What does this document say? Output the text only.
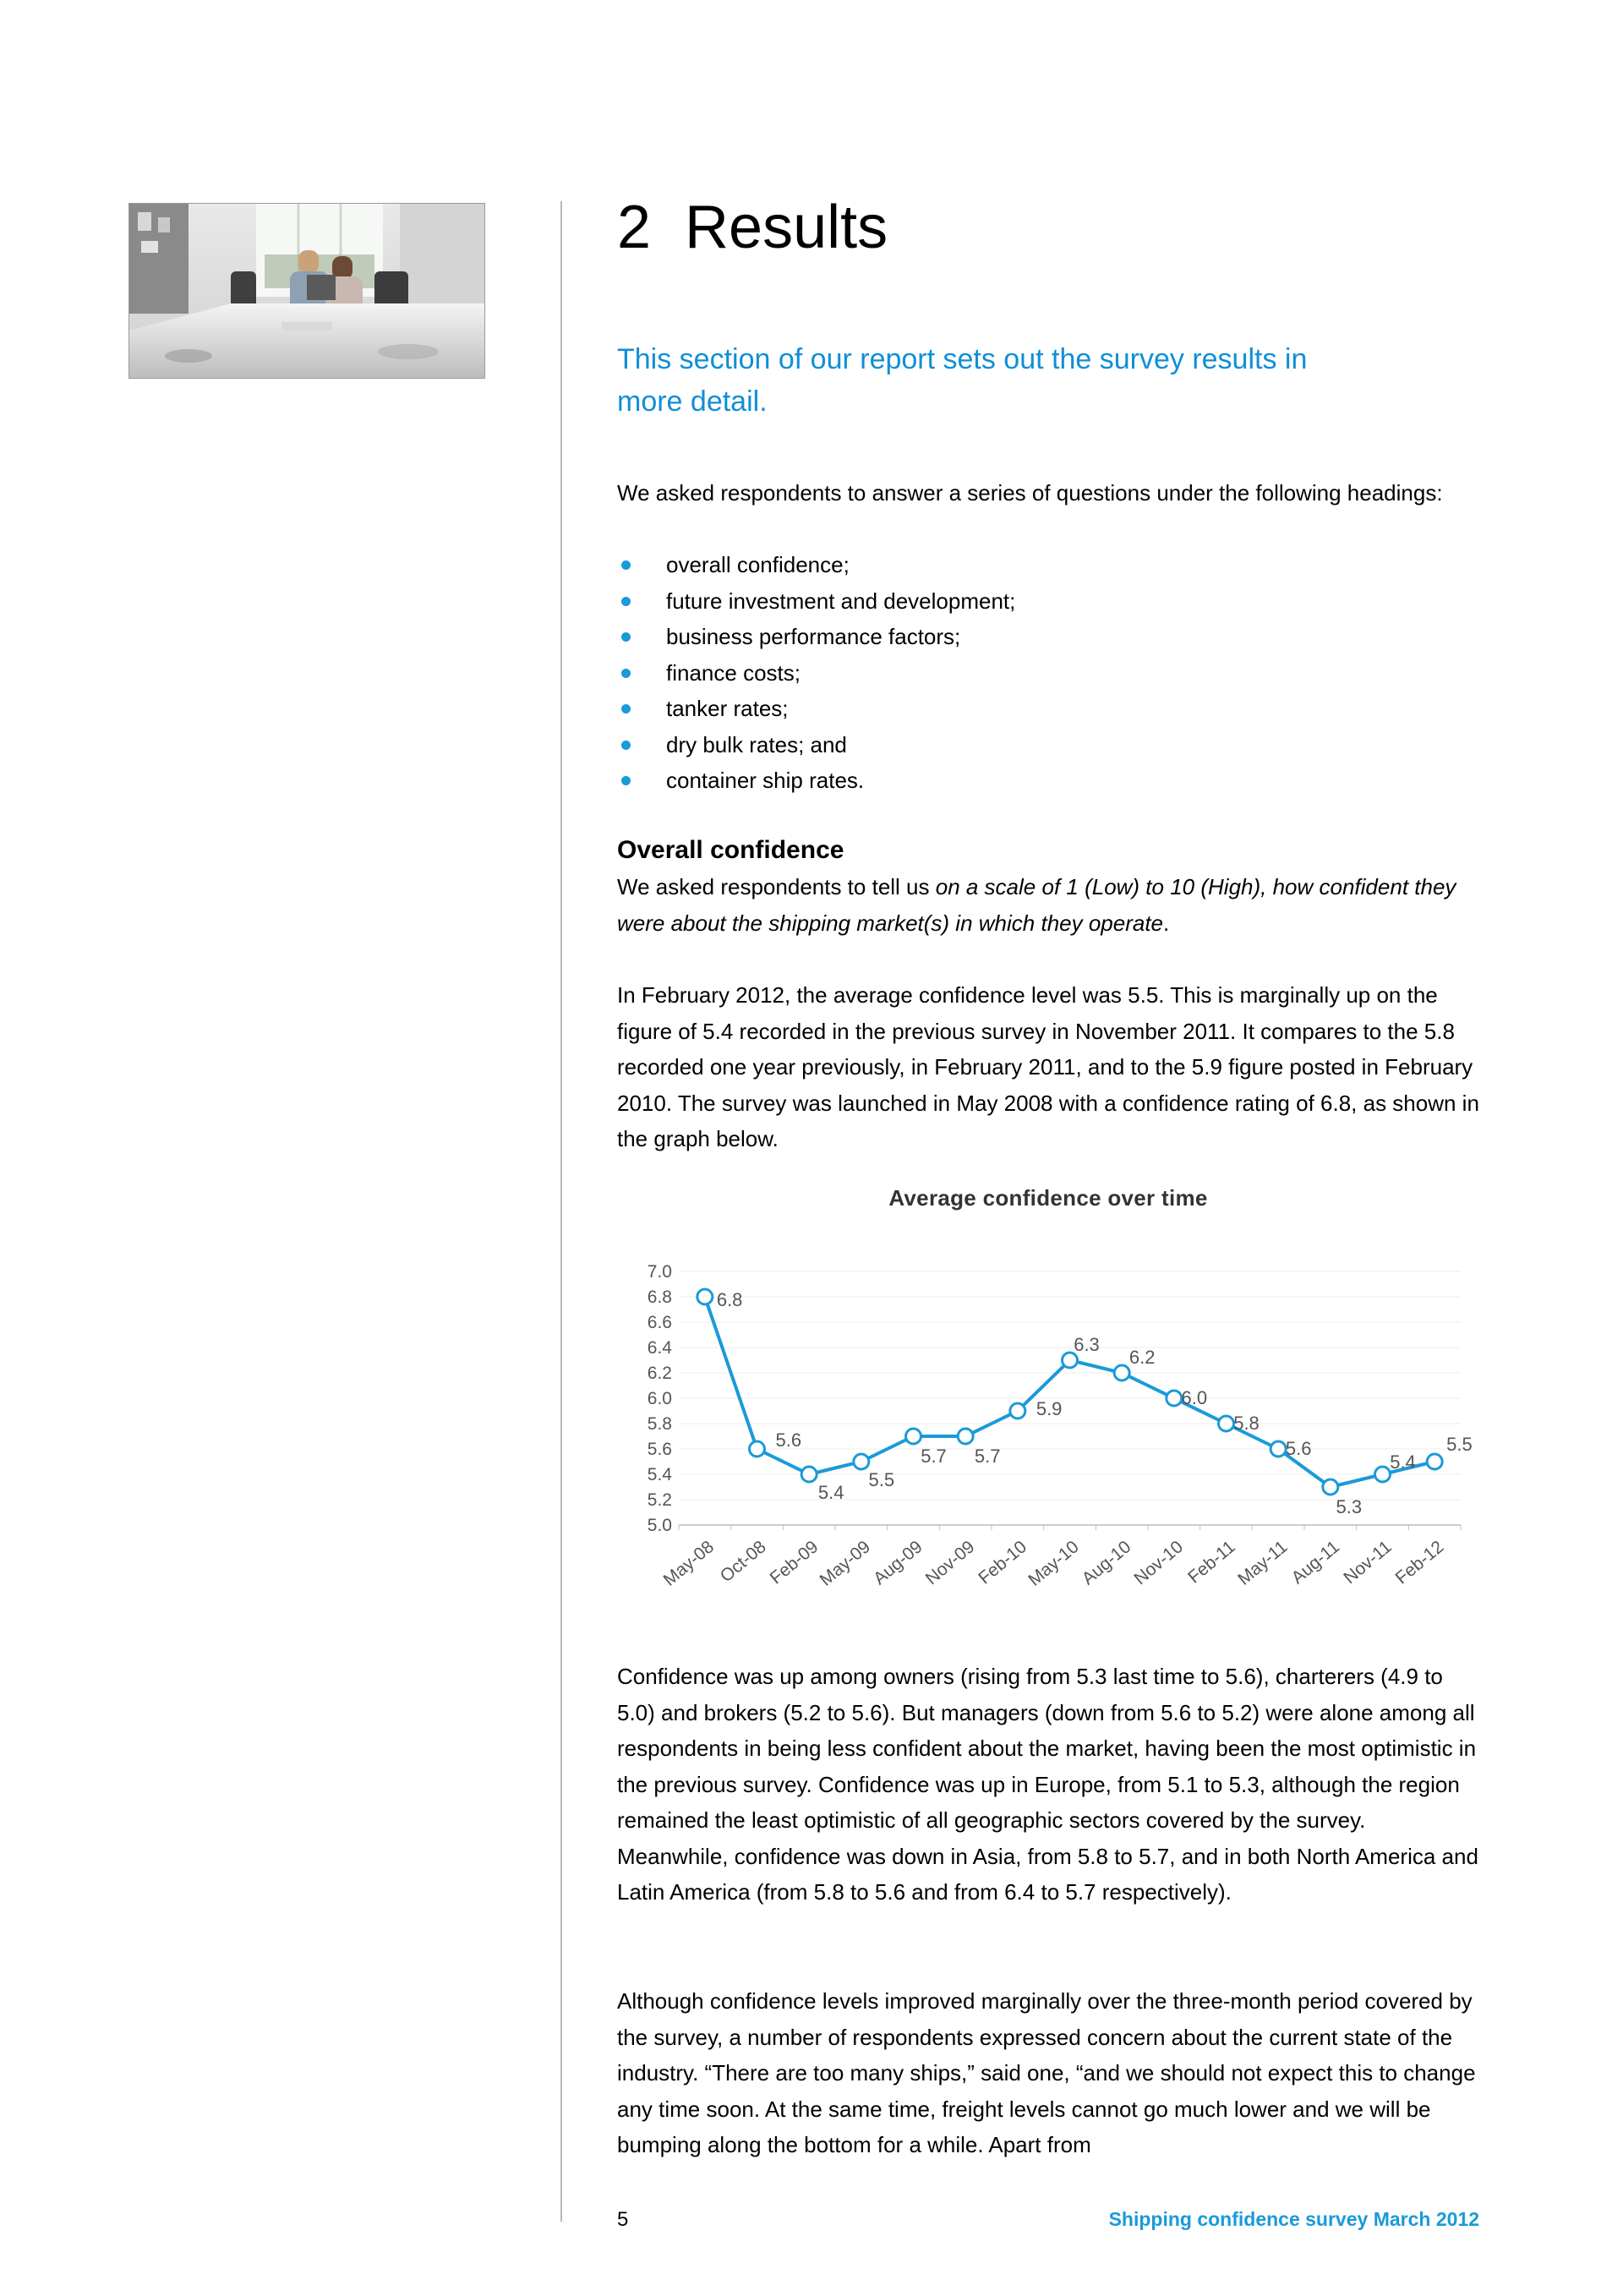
2 Results

This section of our report sets out the survey results in more detail.

We asked respondents to answer a series of questions under the following headings:

overall confidence;
future investment and development;
business performance factors;
finance costs;
tanker rates;
dry bulk rates; and
container ship rates.
Overall confidence

We asked respondents to tell us on a scale of 1 (Low) to 10 (High), how confident they were about the shipping market(s) in which they operate.

In February 2012, the average confidence level was 5.5. This is marginally up on the figure of 5.4 recorded in the previous survey in November 2011. It compares to the 5.8 recorded one year previously, in February 2011, and to the 5.9 figure posted in February 2010. The survey was launched in May 2008 with a confidence rating of 6.8, as shown in the graph below.

Average confidence over time

5.0
5.2
5.4
5.6
5.8
6.0
6.2
6.4
6.6
6.8
7.0
May-08
Oct-08
Feb-09
May-09
Aug-09
Nov-09
Feb-10
May-10
Aug-10
Nov-10
Feb-11
May-11
Aug-11
Nov-11
Feb-12
6.8
5.6
5.4
5.5
5.7 5.7
5.9
6.3
6.2
6.0
5.8
5.6
5.3
5.4
5.5

Confidence was up among owners (rising from 5.3 last time to 5.6), charterers (4.9 to 5.0) and brokers (5.2 to 5.6). But managers (down from 5.6 to 5.2) were alone among all respondents in being less confident about the market, having been the most optimistic in the previous survey. Confidence was up in Europe, from 5.1 to 5.3, although the region remained the least optimistic of all geographic sectors covered by the survey. Meanwhile, confidence was down in Asia, from 5.8 to 5.7, and in both North America and Latin America (from 5.8 to 5.6 and from 6.4 to 5.7 respectively).

Although confidence levels improved marginally over the three-month period covered by the survey, a number of respondents expressed concern about the current state of the industry. “There are too many ships,” said one, “and we should not expect this to change any time soon. At the same time, freight levels cannot go much lower and we will be bumping along the bottom for a while. Apart from

5	Shipping confidence survey March 2012
